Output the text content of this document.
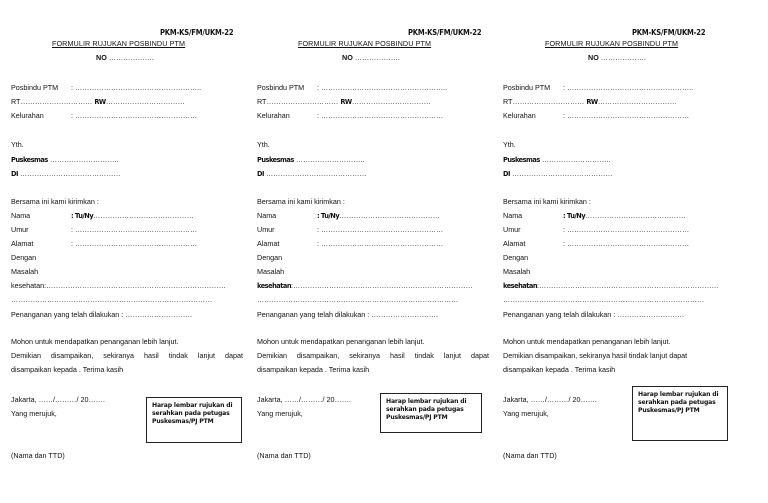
PKM-KS/FM/UKM-22
FORMULIR RUJUKAN POSBINDU PTM
NO ……………….
Posbindu PTM : ……………………………………………..
RT………………………… RW……………………………
Kelurahan	: ……………………………………………
Yth.
Puskesmas ………………………..
DI ……………………………………
Bersama ini kami kirimkan :
Nama	: Tu/Ny……………………………………
Umur	: ……………………………………………
Alamat	: ……………………………………………
Dengan
Masalah
kesehatan:…………………………………………………………………
…………………………………………………………………………
Penanganan yang telah dilakukan : ……………………….
Mohon untuk mendapatkan penanganan lebih lanjut.
Demikian disampaikan, sekiranya hasil tindak lanjut dapat
disampaikan kepada . Terima kasih
Jakarta, ……/………/ 20…….
Yang merujuk,
Harap lembar rujukan di serahkan pada petugas Puskesmas/PJ PTM
(Nama dan TTD)
PKM-KS/FM/UKM-22
FORMULIR RUJUKAN POSBINDU PTM
NO ……………….
Posbindu PTM : ……………………………………………..
RT………………………… RW……………………………
Kelurahan	: ……………………………………………
Yth.
Puskesmas ………………………..
DI ……………………………………
Bersama ini kami kirimkan :
Nama	: Tu/Ny……………………………………
Umur	: ……………………………………………
Alamat	: ……………………………………………
Dengan
Masalah
kesehatan:…………………………………………………………………
…………………………………………………………………………
Penanganan yang telah dilakukan : ……………………….
Mohon untuk mendapatkan penanganan lebih lanjut.
Demikian disampaikan, sekiranya hasil tindak lanjut dapat
disampaikan kepada . Terima kasih
Jakarta, ……/………/ 20…….
Yang merujuk,
Harap lembar rujukan di serahkan pada petugas Puskesmas/PJ PTM
(Nama dan TTD)
PKM-KS/FM/UKM-22
FORMULIR RUJUKAN POSBINDU PTM
NO ……………….
Posbindu PTM : ……………………………………………..
RT………………………… RW……………………………
Kelurahan	: ……………………………………………
Yth.
Puskesmas ………………………..
DI ……………………………………
Bersama ini kami kirimkan :
Nama	: Tu/Ny……………………………………
Umur	: ……………………………………………
Alamat	: ……………………………………………
Dengan
Masalah
kesehatan:…………………………………………………………………
…………………………………………………………………………
Penanganan yang telah dilakukan : ……………………….
Mohon untuk mendapatkan penanganan lebih lanjut.
Demikian disampaikan, sekiranya hasil tindak lanjut dapat
disampaikan kepada . Terima kasih
Jakarta, ……/………/ 20…….
Yang merujuk,
Harap lembar rujukan di serahkan pada petugas Puskesmas/PJ PTM
(Nama dan TTD)
